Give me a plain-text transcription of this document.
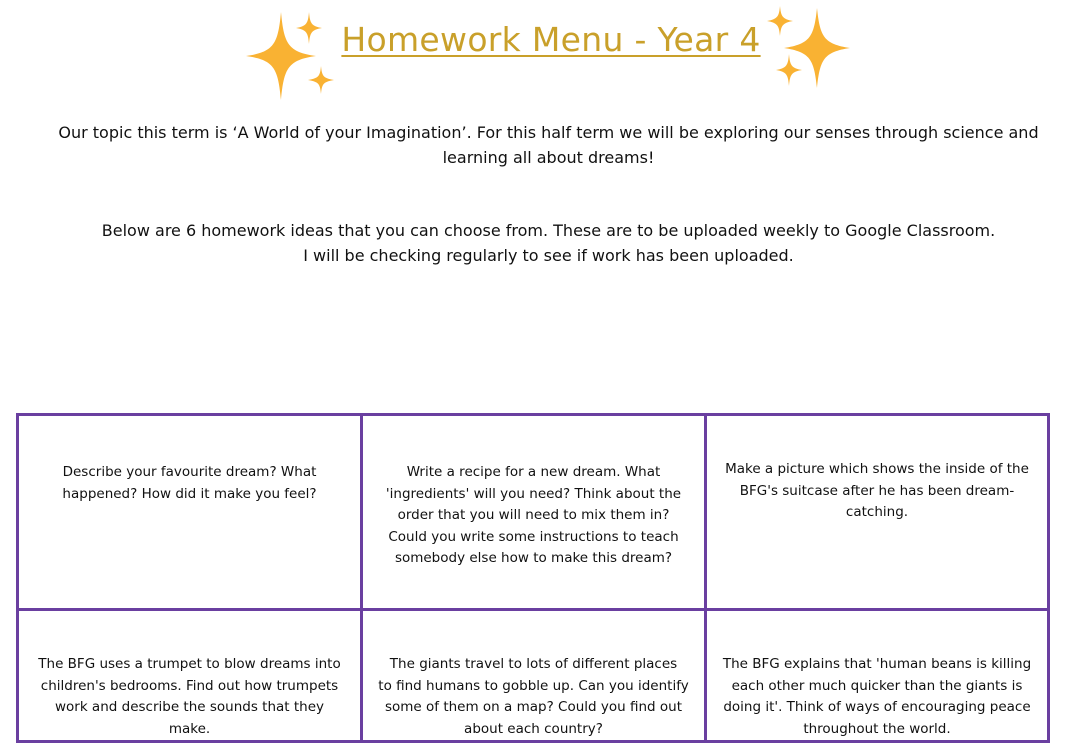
Homework Menu - Year 4
Our topic this term is ‘A World of your Imagination’. For this half term we will be exploring our senses through science and
learning all about dreams!
Below are 6 homework ideas that you can choose from. These are to be uploaded weekly to Google Classroom.
I will be checking regularly to see if work has been uploaded.
Describe your favourite dream? What
happened? How did it make you feel?
Write a recipe for a new dream. What
'ingredients' will you need? Think about the
order that you will need to mix them in?
Could you write some instructions to teach
somebody else how to make this dream?
Make a picture which shows the inside of the
BFG's suitcase after he has been dream-
catching.
The BFG uses a trumpet to blow dreams into
children's bedrooms. Find out how trumpets
work and describe the sounds that they
make.
The giants travel to lots of different places
to find humans to gobble up. Can you identify
some of them on a map? Could you find out
about each country?
The BFG explains that 'human beans is killing
each other much quicker than the giants is
doing it'. Think of ways of encouraging peace
throughout the world.
